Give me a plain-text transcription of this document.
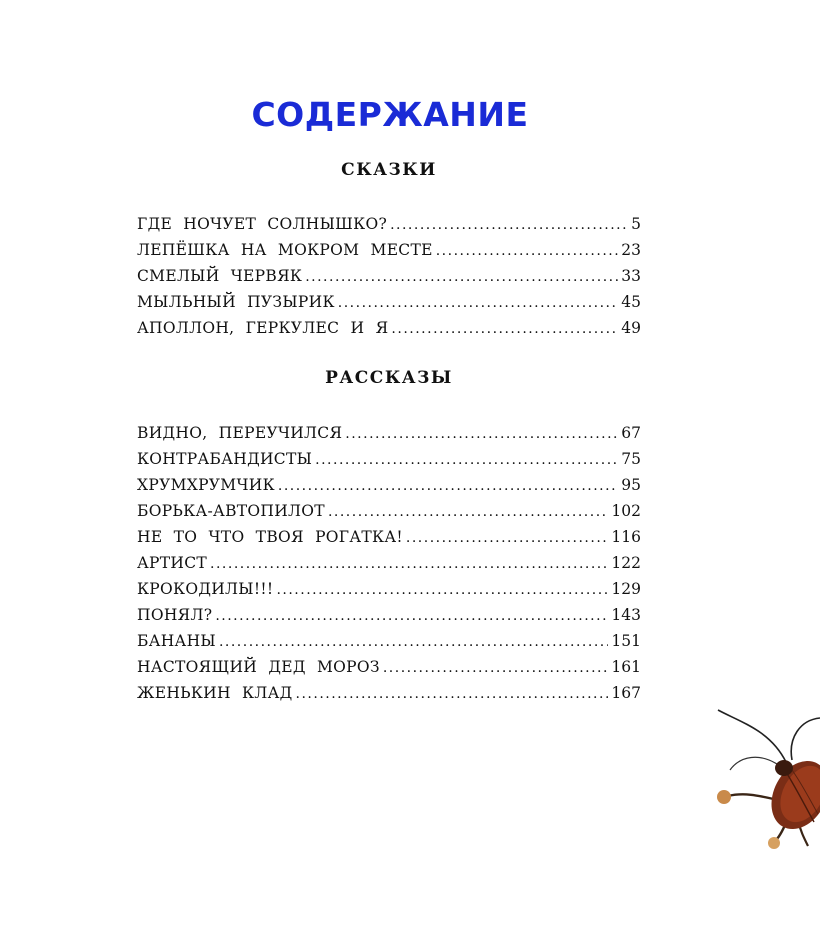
СОДЕРЖАНИЕ
СКАЗКИ
ГДЕ НОЧУЕТ СОЛНЫШКО? .....	5
ЛЕПЁШКА НА МОКРОМ МЕСТЕ .....	23
СМЕЛЫЙ ЧЕРВЯК .....	33
МЫЛЬНЫЙ ПУЗЫРИК .....	45
АПОЛЛОН, ГЕРКУЛЕС И Я .....	49
РАССКАЗЫ
ВИДНО, ПЕРЕУЧИЛСЯ .....	67
КОНТРАБАНДИСТЫ .....	75
ХРУМХРУМЧИК .....	95
БОРЬКА-АВТОПИЛОТ .....	102
НЕ ТО ЧТО ТВОЯ РОГАТКА! .....	116
АРТИСТ .....	122
КРОКОДИЛЫ!!! .....	129
ПОНЯЛ? .....	143
БАНАНЫ .....	151
НАСТОЯЩИЙ ДЕД МОРОЗ .....	161
ЖЕНЬКИН КЛАД .....	167
